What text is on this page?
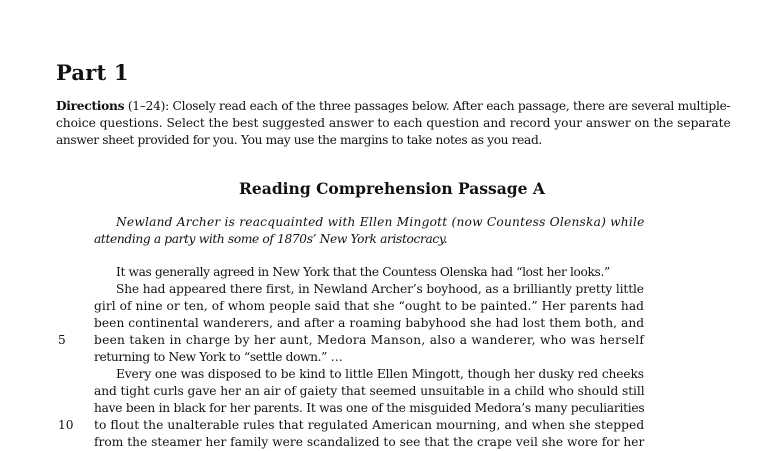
Part 1
Directions (1–24): Closely read each of the three passages below. After each passage, there are several multiple-
choice questions. Select the best suggested answer to each question and record your answer on the separate
answer sheet provided for you. You may use the margins to take notes as you read.
Reading Comprehension Passage A
Newland Archer is reacquainted with Ellen Mingott (now Countess Olenska) while
attending a party with some of 1870s’ New York aristocracy.
It was generally agreed in New York that the Countess Olenska had “lost her looks.”
She had appeared there first, in Newland Archer’s boyhood, as a brilliantly pretty little
girl of nine or ten, of whom people said that she “ought to be painted.” Her parents had
been continental wanderers, and after a roaming babyhood she had lost them both, and
been taken in charge by her aunt, Medora Manson, also a wanderer, who was herself
returning to New York to “settle down.” …
Every one was disposed to be kind to little Ellen Mingott, though her dusky red cheeks
and tight curls gave her an air of gaiety that seemed unsuitable in a child who should still
have been in black for her parents. It was one of the misguided Medora’s many peculiarities
to flout the unalterable rules that regulated American mourning, and when she stepped
from the steamer her family were scandalized to see that the crape veil she wore for her
5
10
